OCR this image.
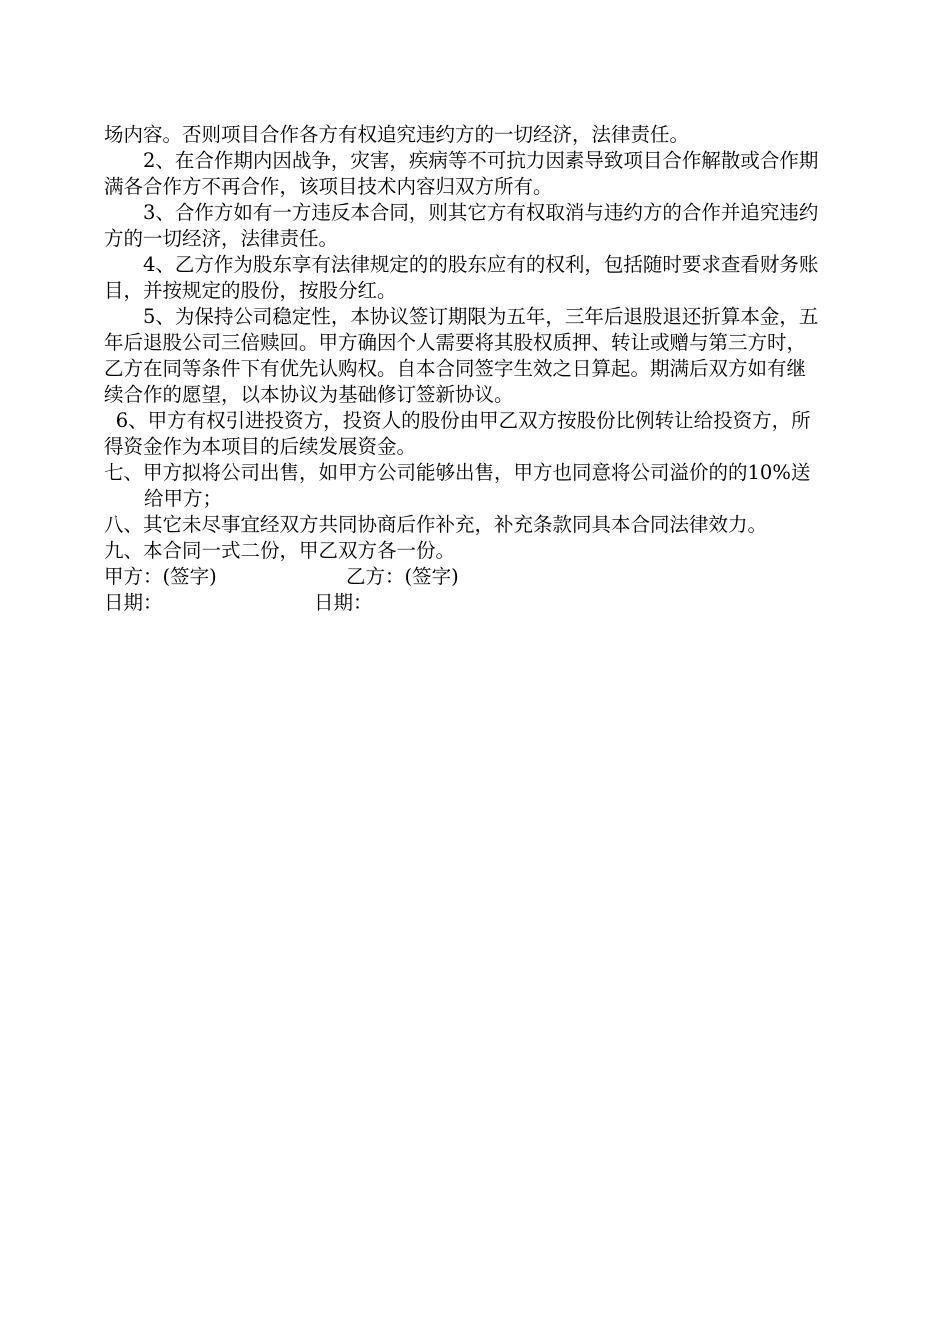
场内容。否则项目合作各方有权追究违约方的一切经济，法律责任。

2、在合作期内因战争，灾害，疾病等不可抗力因素导致项目合作解散或合作期满各合作方不再合作，该项目技术内容归双方所有。

3、合作方如有一方违反本合同，则其它方有权取消与违约方的合作并追究违约方的一切经济，法律责任。

4、乙方作为股东享有法律规定的的股东应有的权利，包括随时要求查看财务账目，并按规定的股份，按股分红。

5、为保持公司稳定性，本协议签订期限为五年，三年后退股退还折算本金，五年后退股公司三倍赎回。甲方确因个人需要将其股权质押、转让或赠与第三方时，乙方在同等条件下有优先认购权。自本合同签字生效之日算起。期满后双方如有继续合作的愿望，以本协议为基础修订签新协议。

6、甲方有权引进投资方，投资人的股份由甲乙双方按股份比例转让给投资方，所得资金作为本项目的后续发展资金。

七、甲方拟将公司出售，如甲方公司能够出售，甲方也同意将公司溢价的的10%送给甲方；

八、其它未尽事宜经双方共同协商后作补充，补充条款同具本合同法律效力。

九、本合同一式二份，甲乙双方各一份。

甲方：(签字)	乙方：(签字)
日期：	日期：
